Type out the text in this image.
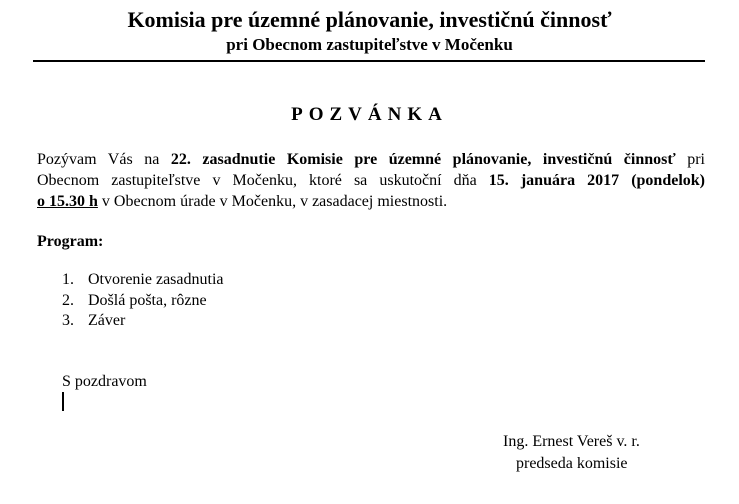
Komisia pre územné plánovanie, investičnú činnosť
pri Obecnom zastupiteľstve v Močenku
POZVÁNKA
Pozývam Vás na 22. zasadnutie Komisie pre územné plánovanie, investičnú činnosť pri
Obecnom zastupiteľstve v Močenku, ktoré sa uskutoční dňa 15. januára 2017 (pondelok)
o 15.30 h v Obecnom úrade v Močenku, v zasadacej miestnosti.
Program:
1. Otvorenie zasadnutia
2. Došlá pošta, rôzne
3. Záver
S pozdravom
Ing. Ernest Vereš v. r.
predseda komisie
